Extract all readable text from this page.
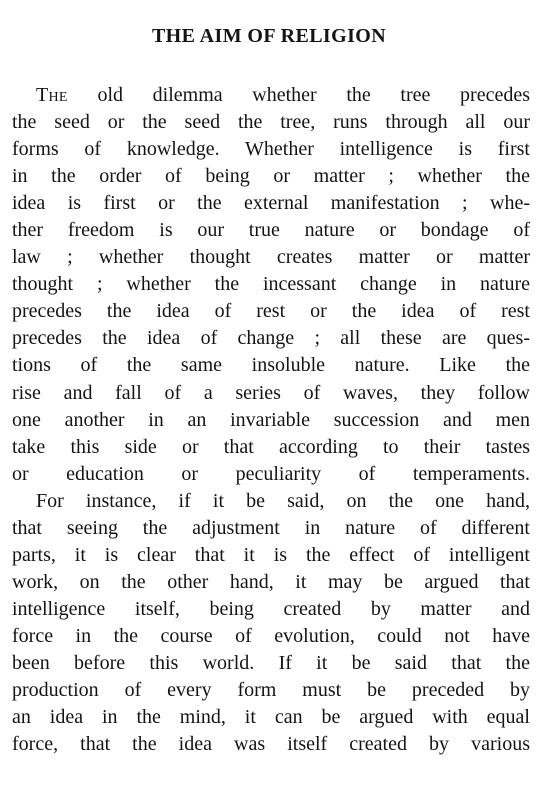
THE AIM OF RELIGION
The old dilemma whether the tree precedes
the seed or the seed the tree, runs through all our
forms of knowledge. Whether intelligence is first
in the order of being or matter ; whether the
idea is first or the external manifestation ; whe-
ther freedom is our true nature or bondage of
law ; whether thought creates matter or matter
thought ; whether the incessant change in nature
precedes the idea of rest or the idea of rest
precedes the idea of change ; all these are ques-
tions of the same insoluble nature. Like the
rise and fall of a series of waves, they follow
one another in an invariable succession and men
take this side or that according to their tastes
or education or peculiarity of temperaments.
For instance, if it be said, on the one hand,
that seeing the adjustment in nature of different
parts, it is clear that it is the effect of intelligent
work, on the other hand, it may be argued that
intelligence itself, being created by matter and
force in the course of evolution, could not have
been before this world. If it be said that the
production of every form must be preceded by
an idea in the mind, it can be argued with equal
force, that the idea was itself created by various
